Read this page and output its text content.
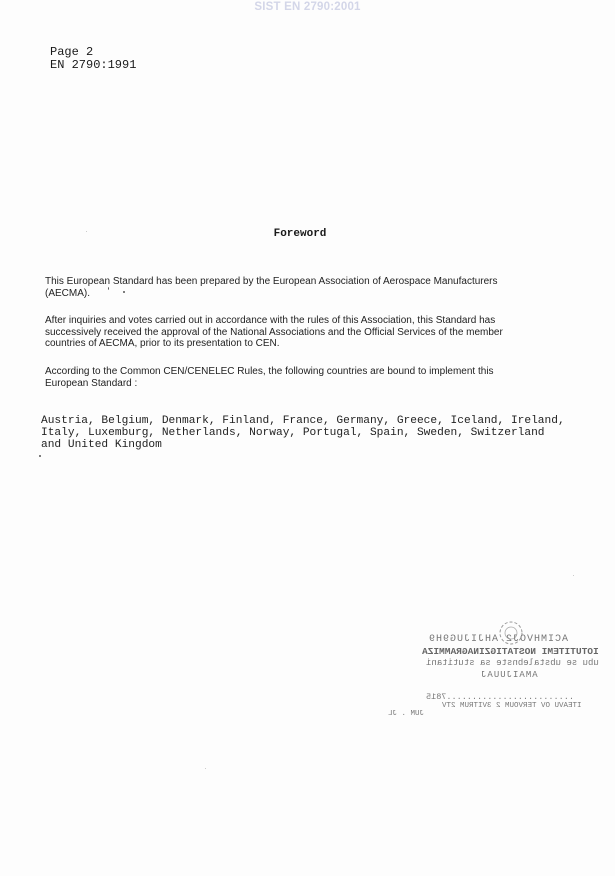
SIST EN 2790:2001
Page 2
EN 2790:1991
Foreword
This European Standard has been prepared by the European Association of Aerospace Manufacturers
(AECMA).
After inquiries and votes carried out in accordance with the rules of this Association, this Standard has
successively received the approval of the National Associations and the Official Services of the member
countries of AECMA, prior to its presentation to CEN.
According to the Common CEN/CENELEC Rules, the following countries are bound to implement this
European Standard :
Austria, Belgium, Denmark, Finland, France, Germany, Greece, Iceland, Ireland,
Italy, Luxemburg, Netherlands, Norway, Portugal, Spain, Sweden, Switzerland
and United Kingdom
ACIMHVOJ2 AHJIJUG9H9
IOTUTITEMI NOSTATIGZINAGRAMMIZA
ubu se ubstalebnste sa stutitani
AMAIJUUAJ
.........................7815
ITEAVU OV TERVOUM 2 3VITRUM 2TV
JUM . JL
